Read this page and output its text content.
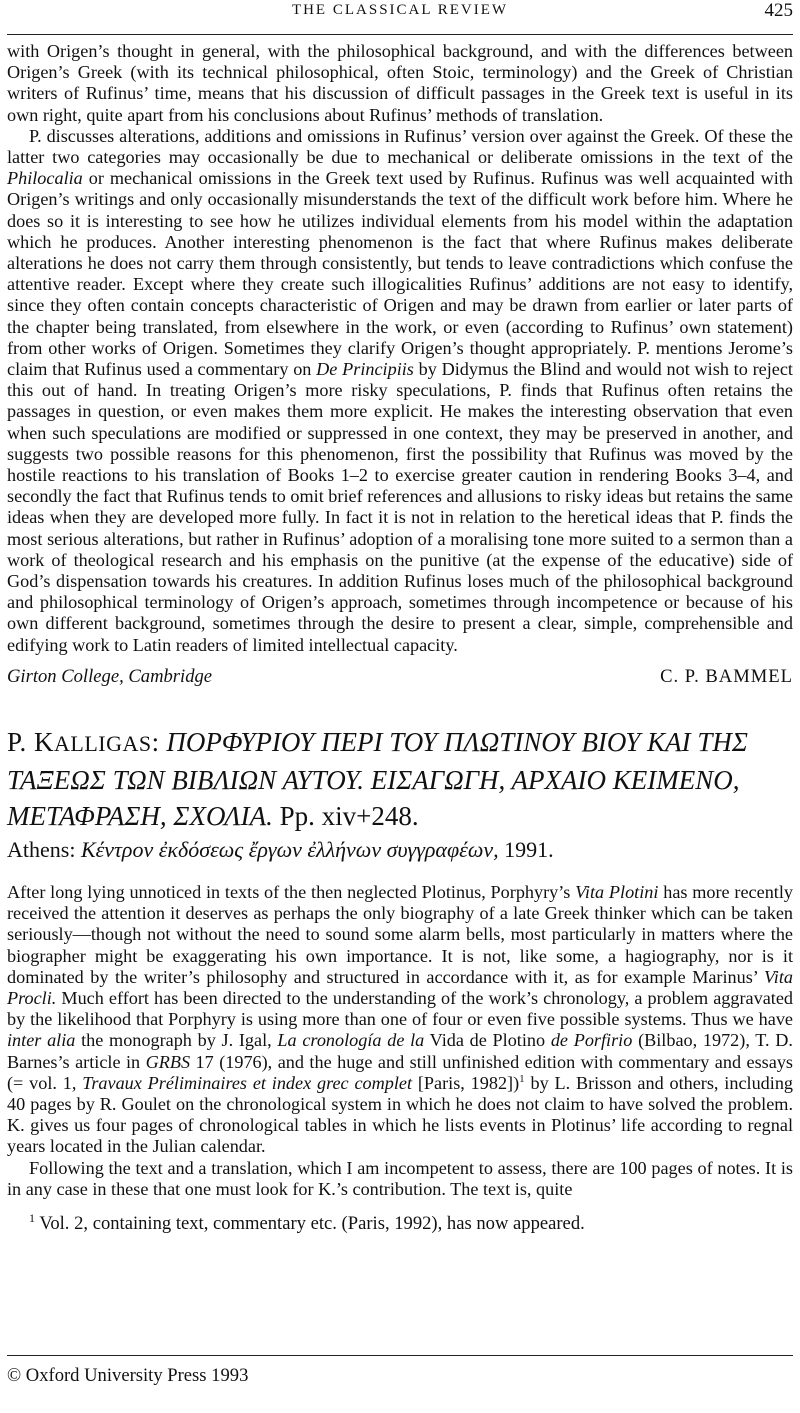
THE CLASSICAL REVIEW	425

with Origen’s thought in general, with the philosophical background, and with the differences between Origen’s Greek (with its technical philosophical, often Stoic, terminology) and the Greek of Christian writers of Rufinus’ time, means that his discussion of difficult passages in the Greek text is useful in its own right, quite apart from his conclusions about Rufinus’ methods of translation.

P. discusses alterations, additions and omissions in Rufinus’ version over against the Greek. Of these the latter two categories may occasionally be due to mechanical or deliberate omissions in the text of the Philocalia or mechanical omissions in the Greek text used by Rufinus. Rufinus was well acquainted with Origen’s writings and only occasionally misunderstands the text of the difficult work before him. Where he does so it is interesting to see how he utilizes individual elements from his model within the adaptation which he produces. Another interesting phenomenon is the fact that where Rufinus makes deliberate alterations he does not carry them through consistently, but tends to leave contradictions which confuse the attentive reader. Except where they create such illogicalities Rufinus’ additions are not easy to identify, since they often contain concepts characteristic of Origen and may be drawn from earlier or later parts of the chapter being translated, from elsewhere in the work, or even (according to Rufinus’ own statement) from other works of Origen. Sometimes they clarify Origen’s thought appropriately. P. mentions Jerome’s claim that Rufinus used a commentary on De Principiis by Didymus the Blind and would not wish to reject this out of hand. In treating Origen’s more risky speculations, P. finds that Rufinus often retains the passages in question, or even makes them more explicit. He makes the interesting observation that even when such speculations are modified or suppressed in one context, they may be preserved in another, and suggests two possible reasons for this phenomenon, first the possibility that Rufinus was moved by the hostile reactions to his translation of Books 1–2 to exercise greater caution in rendering Books 3–4, and secondly the fact that Rufinus tends to omit brief references and allusions to risky ideas but retains the same ideas when they are developed more fully. In fact it is not in relation to the heretical ideas that P. finds the most serious alterations, but rather in Rufinus’ adoption of a moralising tone more suited to a sermon than a work of theological research and his emphasis on the punitive (at the expense of the educative) side of God’s dispensation towards his creatures. In addition Rufinus loses much of the philosophical background and philosophical terminology of Origen’s approach, sometimes through incompetence or because of his own different background, sometimes through the desire to present a clear, simple, comprehensible and edifying work to Latin readers of limited intellectual capacity.

Girton College, Cambridge	C. P. BAMMEL
P. KALLIGAS: ΠΟΡΦΥΡΙΟΥ ΠΕΡΙ ΤΟΥ ΠΛΩΤΙΝΟΥ ΒΙΟΥ ΚΑΙ ΤΗΣ ΤΑΞΕΩΣ ΤΩΝ ΒΙΒΛΙΩΝ ΑΥΤΟΥ. ΕΙΣΑΓΩΓΗ, ΑΡΧΑΙΟ ΚΕΙΜΕΝΟ, ΜΕΤΑΦΡΑΣΗ, ΣΧΟΛΙΑ. Pp. xiv+248.
Athens: Κέντρον ἐκδόσεως ἔργων ἐλλήνων συγγραφέων, 1991.

After long lying unnoticed in texts of the then neglected Plotinus, Porphyry’s Vita Plotini has more recently received the attention it deserves as perhaps the only biography of a late Greek thinker which can be taken seriously—though not without the need to sound some alarm bells, most particularly in matters where the biographer might be exaggerating his own importance. It is not, like some, a hagiography, nor is it dominated by the writer’s philosophy and structured in accordance with it, as for example Marinus’ Vita Procli. Much effort has been directed to the understanding of the work’s chronology, a problem aggravated by the likelihood that Porphyry is using more than one of four or even five possible systems. Thus we have inter alia the monograph by J. Igal, La cronología de la Vida de Plotino de Porfirio (Bilbao, 1972), T. D. Barnes’s article in GRBS 17 (1976), and the huge and still unfinished edition with commentary and essays (= vol. 1, Travaux Préliminaires et index grec complet [Paris, 1982])$^1$ by L. Brisson and others, including 40 pages by R. Goulet on the chronological system in which he does not claim to have solved the problem. K. gives us four pages of chronological tables in which he lists events in Plotinus’ life according to regnal years located in the Julian calendar.

Following the text and a translation, which I am incompetent to assess, there are 100 pages of notes. It is in any case in these that one must look for K.’s contribution. The text is, quite

$^1$ Vol. 2, containing text, commentary etc. (Paris, 1992), has now appeared.
© Oxford University Press 1993
